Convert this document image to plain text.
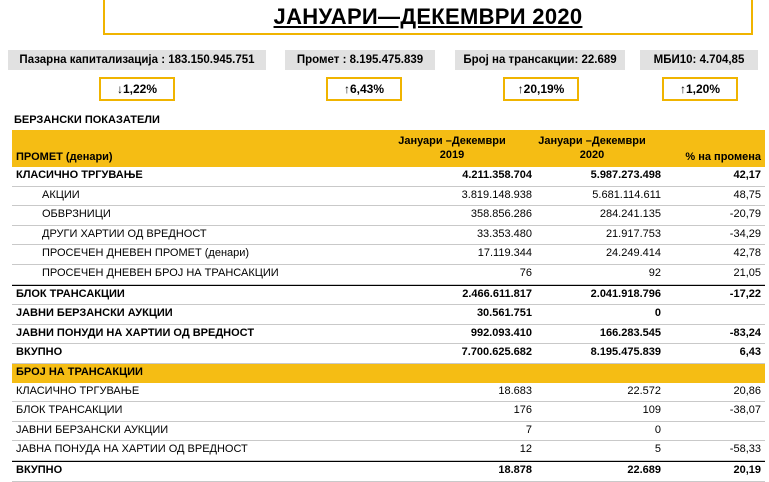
ЈАНУАРИ—ДЕКЕМВРИ 2020
Пазарна капитализација :
183.150.945.751	Промет :
8.195.475.839	Број на трансакции:
22.689	МБИ10:
4.704,85
↓1,22%	↑6,43%	↑20,19%	↑1,20%
БЕРЗАНСКИ ПОКАЗАТЕЛИ
ПРОМЕТ (денари)
Јануари –Декември
2019
Јануари –Декември
2020	% на промена
КЛАСИЧНО ТРГУВАЊЕ	4.211.358.704	5.987.273.498	42,17
АКЦИИ	3.819.148.938	5.681.114.611	48,75
ОБВРЗНИЦИ	358.856.286	284.241.135	-20,79
ДРУГИ ХАРТИИ ОД ВРЕДНОСТ	33.353.480	21.917.753	-34,29
ПРОСЕЧЕН ДНЕВЕН ПРОМЕТ (денари)	17.119.344	24.249.414	42,78
ПРОСЕЧЕН ДНЕВЕН БРОЈ НА ТРАНСАКЦИИ	76	92	21,05
БЛОК ТРАНСАКЦИИ	2.466.611.817	2.041.918.796	-17,22
ЈАВНИ БЕРЗАНСКИ АУКЦИИ	30.561.751	0
ЈАВНИ ПОНУДИ НА ХАРТИИ ОД ВРЕДНОСТ	992.093.410	166.283.545	-83,24
ВКУПНО	7.700.625.682	8.195.475.839	6,43
БРОЈ НА ТРАНСАКЦИИ
КЛАСИЧНО ТРГУВАЊЕ	18.683	22.572	20,86
БЛОК ТРАНСАКЦИИ	176	109	-38,07
ЈАВНИ БЕРЗАНСКИ АУКЦИИ	7	0
ЈАВНА ПОНУДА НА ХАРТИИ ОД ВРЕДНОСТ	12	5	-58,33
ВКУПНО	18.878	22.689	20,19
